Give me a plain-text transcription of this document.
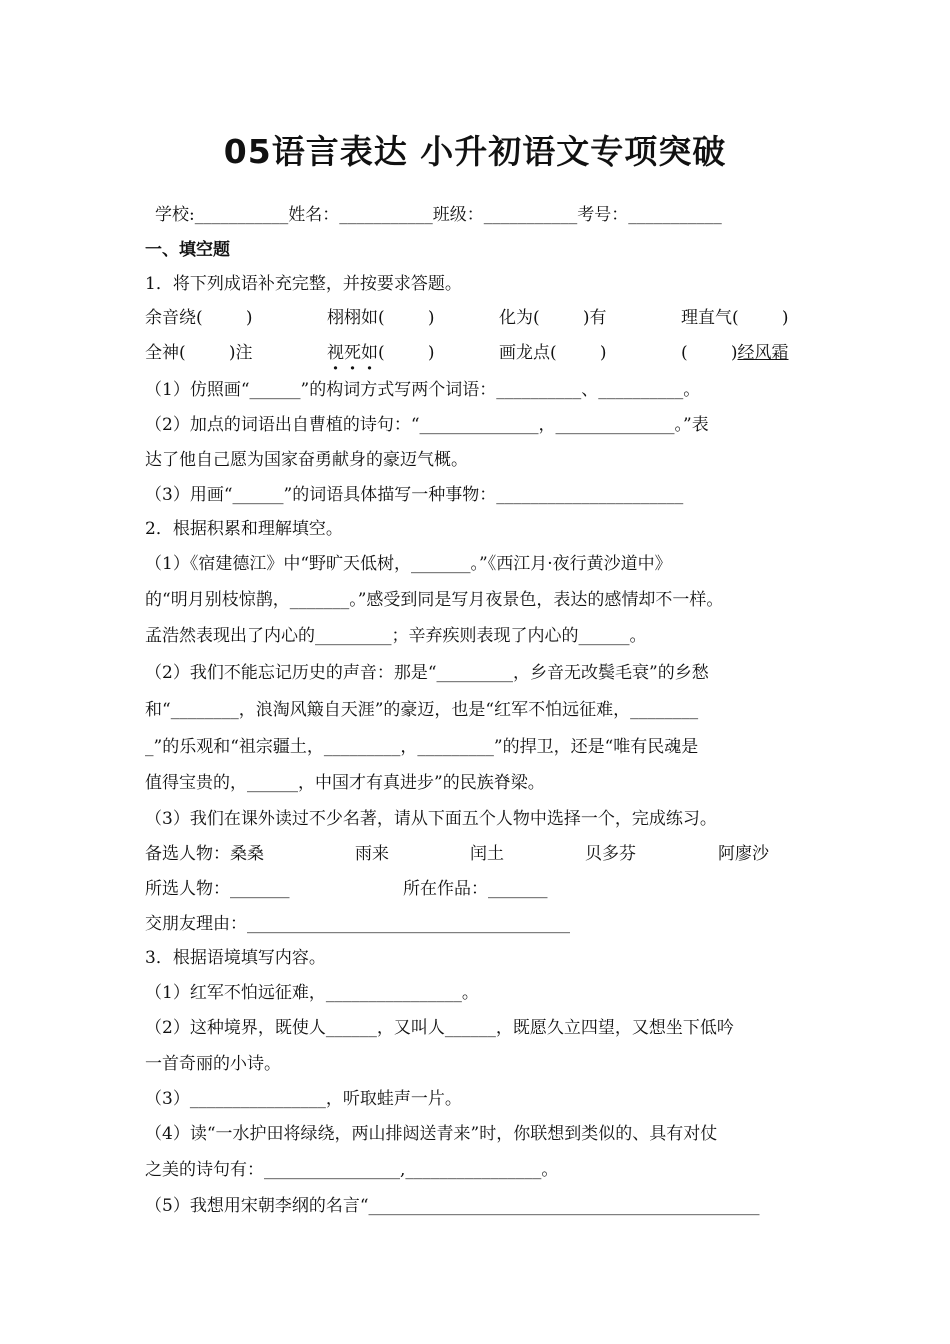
05语言表达 小升初语文专项突破
学校:___________姓名：___________班级：___________考号：___________
一、填空题
1．将下列成语补充完整，并按要求答题。
余音绕(        )	栩栩如(        )	化为(        )有	理直气(        )
全神(        )注	视死如(        )	画龙点(        )	(        )经风霜
（1）仿照画“______”的构词方式写两个词语：__________、__________。
（2）加点的词语出自曹植的诗句：“______________，______________。”表
达了他自己愿为国家奋勇献身的豪迈气概。
（3）用画“______”的词语具体描写一种事物：______________________
2．根据积累和理解填空。
（1）《宿建德江》中“野旷天低树，_______。”《西江月·夜行黄沙道中》
的“明月别枝惊鹊，_______。”感受到同是写月夜景色，表达的感情却不一样。
孟浩然表现出了内心的_________；辛弃疾则表现了内心的______。
（2）我们不能忘记历史的声音：那是“_________，乡音无改鬓毛衰”的乡愁
和“________，浪淘风簸自天涯”的豪迈，也是“红军不怕远征难，________
_”的乐观和“祖宗疆土，_________，_________”的捍卫，还是“唯有民魂是
值得宝贵的，______，中国才有真进步”的民族脊梁。
（3）我们在课外读过不少名著，请从下面五个人物中选择一个，完成练习。
备选人物：桑桑	雨来	闰土	贝多芬	阿廖沙
所选人物：_______	所在作品：_______
交朋友理由：______________________________________
3．根据语境填写内容。
（1）红军不怕远征难，________________。
（2）这种境界，既使人______，又叫人______，既愿久立四望，又想坐下低吟
一首奇丽的小诗。
（3）________________，听取蛙声一片。
（4）读“一水护田将绿绕，两山排闼送青来”时，你联想到类似的、具有对仗
之美的诗句有：________________,________________。
（5）我想用宋朝李纲的名言“______________________________________________
